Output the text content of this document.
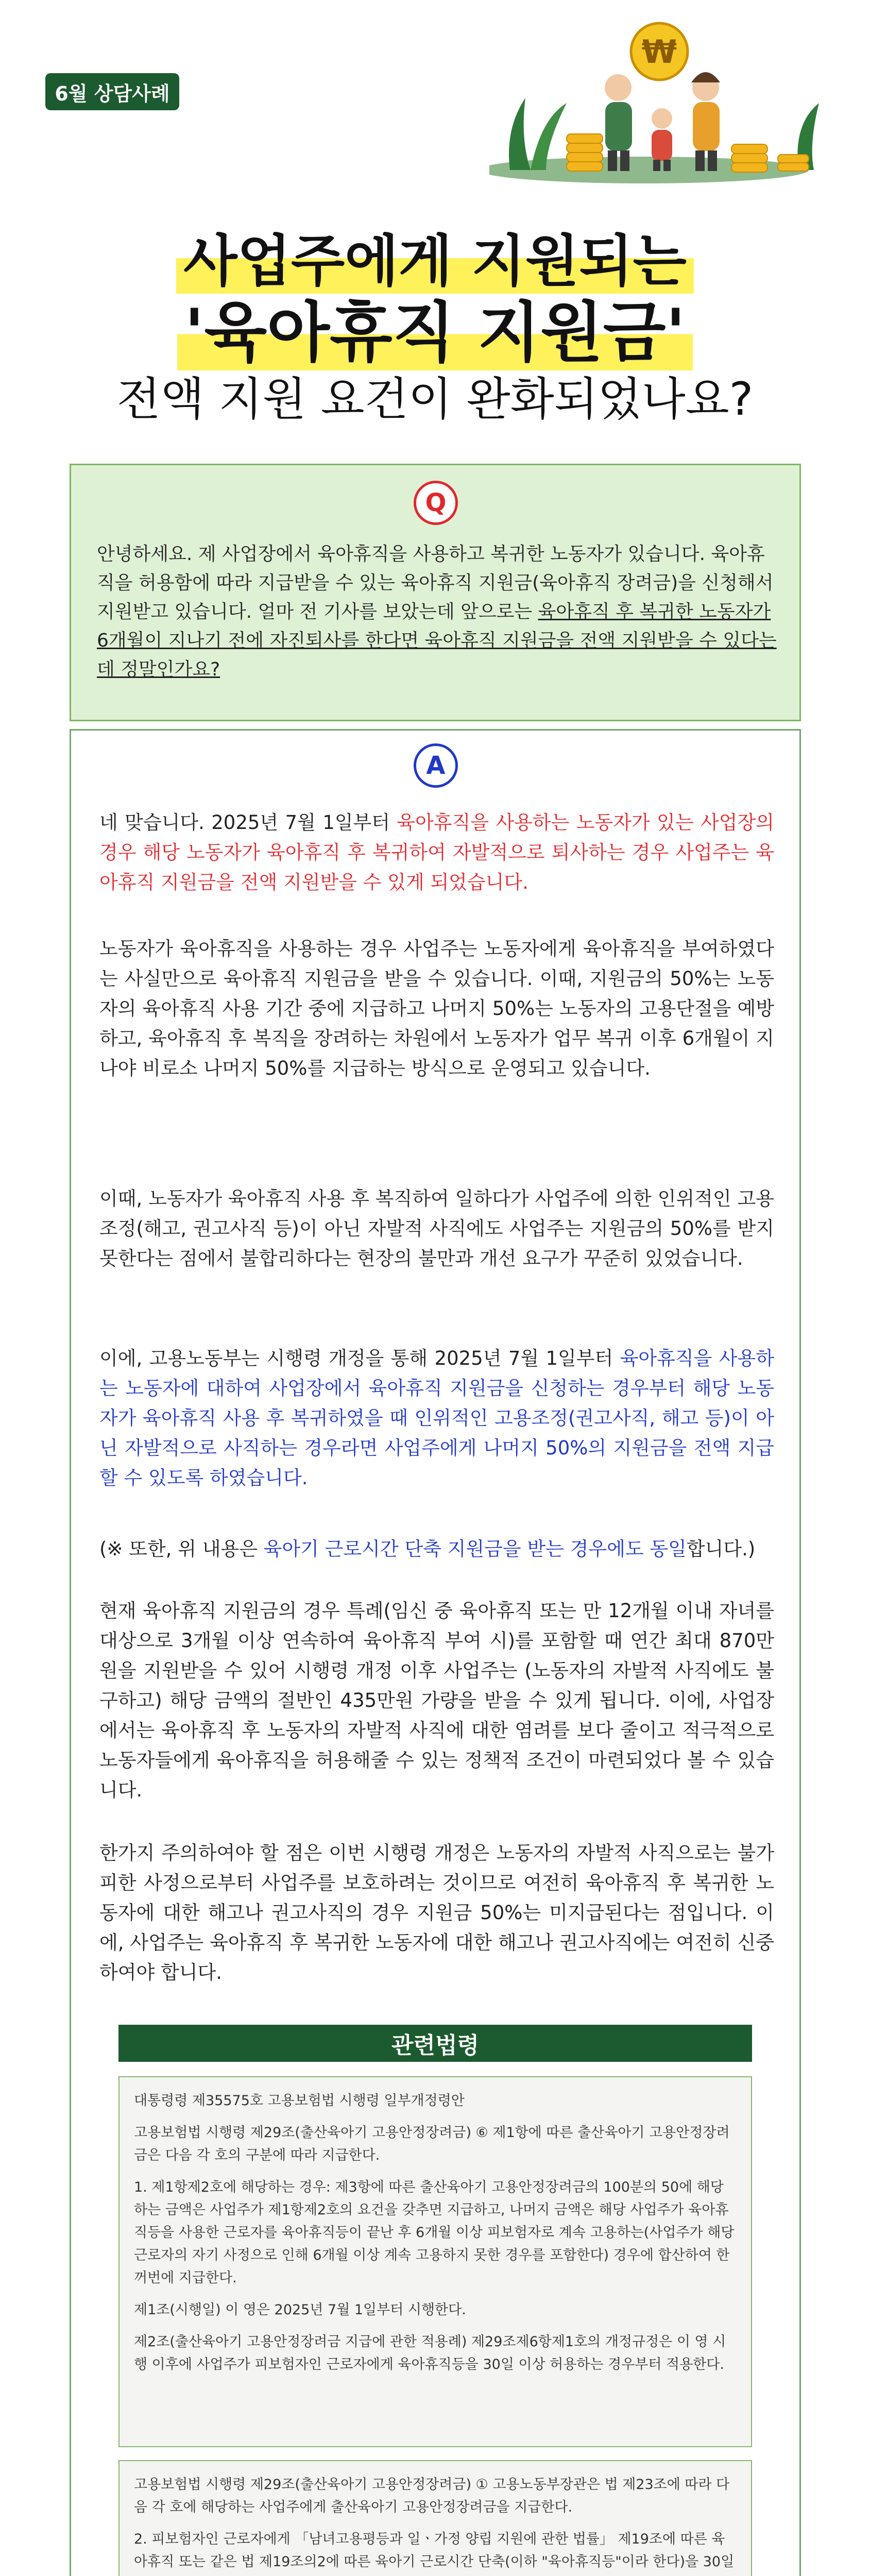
₩
6월 상담사례
사업주에게 지원되는
'육아휴직 지원금'
전액 지원 요건이 완화되었나요?
Q
안녕하세요. 제 사업장에서 육아휴직을 사용하고 복귀한 노동자가 있습니다. 육아휴직을 허용함에 따라 지급받을 수 있는 육아휴직 지원금(육아휴직 장려금)을 신청해서 지원받고 있습니다. 얼마 전 기사를 보았는데 앞으로는 육아휴직 후 복귀한 노동자가 6개월이 지나기 전에 자진퇴사를 한다면 육아휴직 지원금을 전액 지원받을 수 있다는데 정말인가요?
A
네 맞습니다. 2025년 7월 1일부터 육아휴직을 사용하는 노동자가 있는 사업장의 경우 해당 노동자가 육아휴직 후 복귀하여 자발적으로 퇴사하는 경우 사업주는 육아휴직 지원금을 전액 지원받을 수 있게 되었습니다.
노동자가 육아휴직을 사용하는 경우 사업주는 노동자에게 육아휴직을 부여하였다는 사실만으로 육아휴직 지원금을 받을 수 있습니다. 이때, 지원금의 50%는 노동자의 육아휴직 사용 기간 중에 지급하고 나머지 50%는 노동자의 고용단절을 예방하고, 육아휴직 후 복직을 장려하는 차원에서 노동자가 업무 복귀 이후 6개월이 지나야 비로소 나머지 50%를 지급하는 방식으로 운영되고 있습니다.
이때, 노동자가 육아휴직 사용 후 복직하여 일하다가 사업주에 의한 인위적인 고용조정(해고, 권고사직 등)이 아닌 자발적 사직에도 사업주는 지원금의 50%를 받지 못한다는 점에서 불합리하다는 현장의 불만과 개선 요구가 꾸준히 있었습니다.
이에, 고용노동부는 시행령 개정을 통해 2025년 7월 1일부터 육아휴직을 사용하는 노동자에 대하여 사업장에서 육아휴직 지원금을 신청하는 경우부터 해당 노동자가 육아휴직 사용 후 복귀하였을 때 인위적인 고용조정(권고사직, 해고 등)이 아닌 자발적으로 사직하는 경우라면 사업주에게 나머지 50%의 지원금을 전액 지급할 수 있도록 하였습니다.
(※ 또한, 위 내용은 육아기 근로시간 단축 지원금을 받는 경우에도 동일합니다.)
현재 육아휴직 지원금의 경우 특례(임신 중 육아휴직 또는 만 12개월 이내 자녀를 대상으로 3개월 이상 연속하여 육아휴직 부여 시)를 포함할 때 연간 최대 870만원을 지원받을 수 있어 시행령 개정 이후 사업주는 (노동자의 자발적 사직에도 불구하고) 해당 금액의 절반인 435만원 가량을 받을 수 있게 됩니다. 이에, 사업장에서는 육아휴직 후 노동자의 자발적 사직에 대한 염려를 보다 줄이고 적극적으로 노동자들에게 육아휴직을 허용해줄 수 있는 정책적 조건이 마련되었다 볼 수 있습니다.
한가지 주의하여야 할 점은 이번 시행령 개정은 노동자의 자발적 사직으로는 불가피한 사정으로부터 사업주를 보호하려는 것이므로 여전히 육아휴직 후 복귀한 노동자에 대한 해고나 권고사직의 경우 지원금 50%는 미지급된다는 점입니다. 이에, 사업주는 육아휴직 후 복귀한 노동자에 대한 해고나 권고사직에는 여전히 신중하여야 합니다.
관련법령

대통령령 제35575호 고용보험법 시행령 일부개정령안

고용보험법 시행령 제29조(출산육아기 고용안정장려금) ⑥ 제1항에 따른 출산육아기 고용안정장려금은 다음 각 호의 구분에 따라 지급한다.

1. 제1항제2호에 해당하는 경우: 제3항에 따른 출산육아기 고용안정장려금의 100분의 50에 해당하는 금액은 사업주가 제1항제2호의 요건을 갖추면 지급하고, 나머지 금액은 해당 사업주가 육아휴직등을 사용한 근로자를 육아휴직등이 끝난 후 6개월 이상 피보험자로 계속 고용하는(사업주가 해당 근로자의 자기 사정으로 인해 6개월 이상 계속 고용하지 못한 경우를 포함한다) 경우에 합산하여 한꺼번에 지급한다.

제1조(시행일) 이 영은 2025년 7월 1일부터 시행한다.

제2조(출산육아기 고용안정장려금 지급에 관한 적용례) 제29조제6항제1호의 개정규정은 이 영 시행 이후에 사업주가 피보험자인 근로자에게 육아휴직등을 30일 이상 허용하는 경우부터 적용한다.

고용보험법 시행령 제29조(출산육아기 고용안정장려금) ① 고용노동부장관은 법 제23조에 따라 다음 각 호에 해당하는 사업주에게 출산육아기 고용안정장려금을 지급한다.

2. 피보험자인 근로자에게 「남녀고용평등과 일ㆍ가정 양립 지원에 관한 법률」 제19조에 따른 육아휴직 또는 같은 법 제19조의2에 따른 육아기 근로시간 단축(이하 "육아휴직등"이라 한다)을 30일
